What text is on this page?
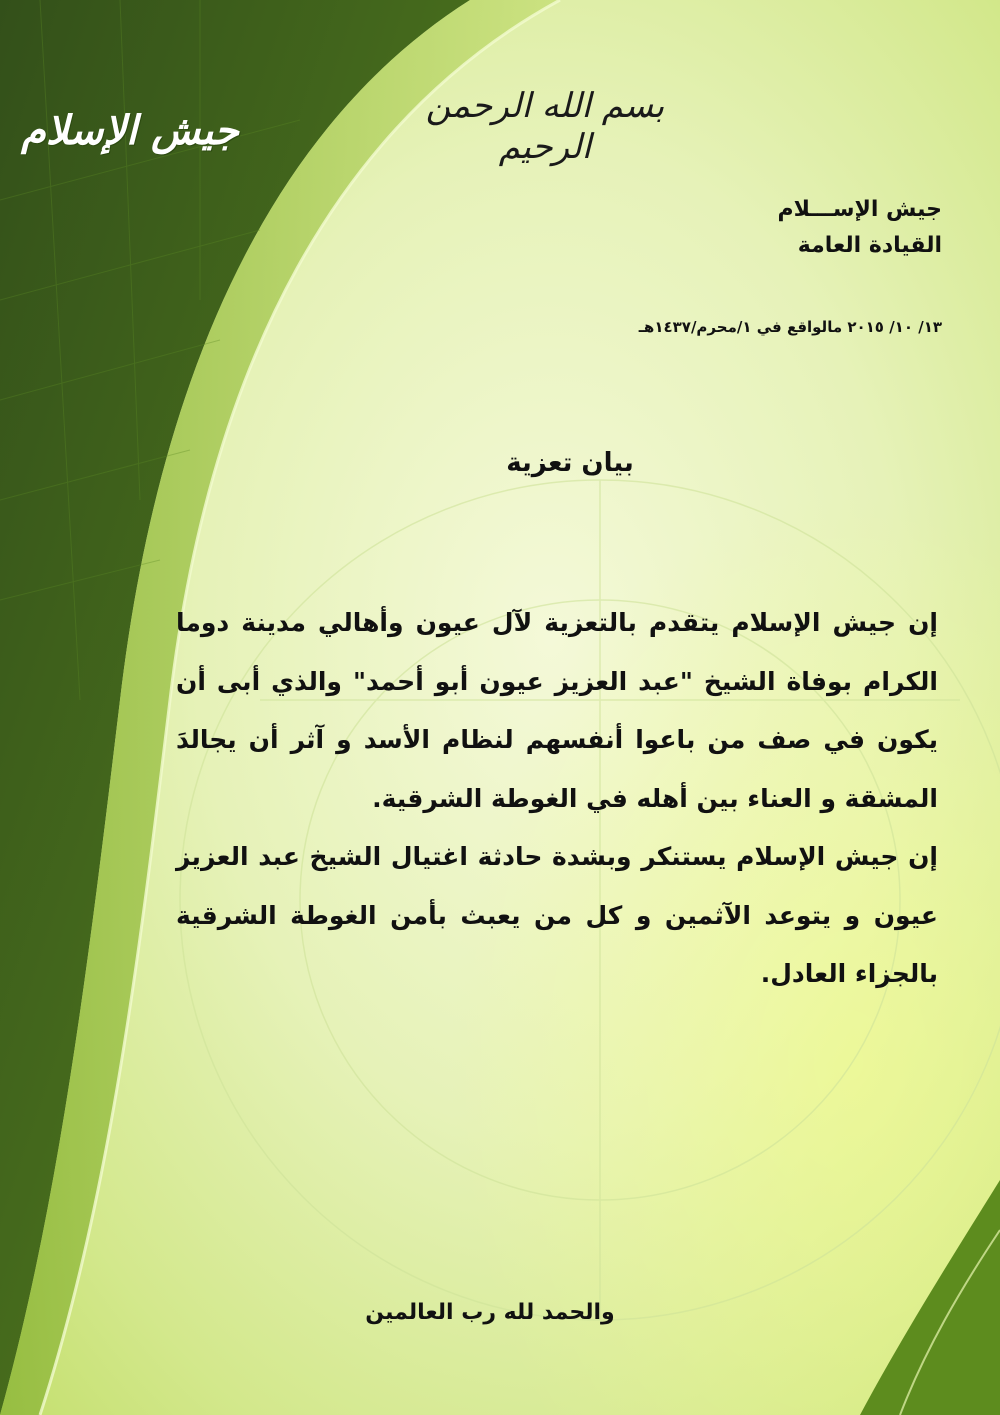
جيش الإسلام
بسم الله الرحمن الرحيم
جيش الإســـلام
القيادة العامة
١٣/ ١٠/ ٢٠١٥ مالواقع في ١/محرم/١٤٣٧هـ
بيان تعزية

إن جيش الإسلام يتقدم بالتعزية لآل عيون وأهالي مدينة دوما الكرام بوفاة الشيخ "عبد العزيز عيون أبو أحمد" والذي أبى أن يكون في صف من باعوا أنفسهم لنظام الأسد و آثر أن يجالدَ المشقة و العناء بين أهله في الغوطة الشرقية.

إن جيش الإسلام يستنكر وبشدة حادثة اغتيال الشيخ عبد العزيز عيون و يتوعد الآثمين و كل من يعبث بأمن الغوطة الشرقية بالجزاء العادل.

والحمد لله رب العالمين
